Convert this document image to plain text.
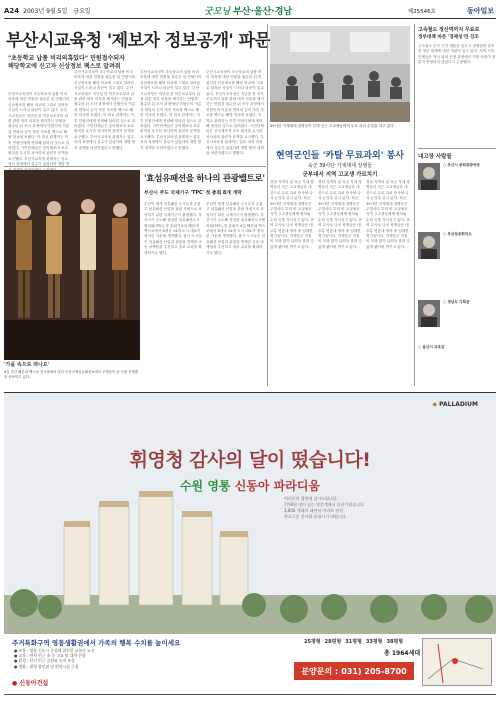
A24 2003년 9월 5일 금요일	굿모닝 부산·울산·경남	제25546호	동아일보
부산시교육청 '제보자 정보공개' 파문
"초등학교 납품 비리의혹있다" 민원접수되자
해당학교에 신고자 신상정보 팩스로 알려줘
부산시교육청이 초등학교의 납품 비리 의혹에 대한 민원을 접수한 뒤 민원인의 신상정보를 해당 학교에 그대로 알려준 사실이 드러나 파문이 일고 있다. 부산시교육청은 지난달 한 학부모로부터 납품 관련 비리 의혹을 제기하는 민원을 접수한 뒤 조사 과정에서 민원인의 이름과 연락처 등이 적힌 자료를 팩스로 해당 학교에 보냈다. 이 학교 관계자는 이후 민원인에게 연락해 항의한 것으로 알려졌다. 시민단체들은 공익제보자 보호 원칙을 무시한 처사라며 관련자 문책을 요구했다. 부산시교육청 관계자는 업무 처리 과정에서 실수가 있었다며 재발 방
부산시교육청이 초등학교의 납품 비리 의혹에 대한 민원을 접수한 뒤 민원인의 신상정보를 해당 학교에 그대로 알려준 사실이 드러나 파문이 일고 있다. 부산시교육청은 지난달 한 학부모로부터 납품 관련 비리 의혹을 제기하는 민원을 접수한 뒤 조사 과정에서 민원인의 이름과 연락처 등이 적힌 자료를 팩스로 해당 학교에 보냈다. 이 학교 관계자는 이후 민원인에게 연락해 항의한 것으로 알려졌다. 시민단체들은 공익제보자 보호 원칙을 무시한 처사라며 관련자 문책을 요구했다. 부산시교육청 관계자는 업무 처리 과정에서 실수가 있었다며 재발 방지 대책을 마련하겠다고 밝혔다.
부산시교육청이 초등학교의 납품 비리 의혹에 대한 민원을 접수한 뒤 민원인의 신상정보를 해당 학교에 그대로 알려준 사실이 드러나 파문이 일고 있다. 부산시교육청은 지난달 한 학부모로부터 납품 관련 비리 의혹을 제기하는 민원을 접수한 뒤 조사 과정에서 민원인의 이름과 연락처 등이 적힌 자료를 팩스로 해당 학교에 보냈다. 이 학교 관계자는 이후 민원인에게 연락해 항의한 것으로 알려졌다. 시민단체들은 공익제보자 보호 원칙을 무시한 처사라며 관련자 문책을 요구했다. 부산시교육청 관계자는 업무 처리 과정에서 실수가 있었다며 재발 방지 대책을 마련하겠다고 밝혔다.
부산시교육청이 초등학교의 납품 비리 의혹에 대한 민원을 접수한 뒤 민원인의 신상정보를 해당 학교에 그대로 알려준 사실이 드러나 파문이 일고 있다. 부산시교육청은 지난달 한 학부모로부터 납품 관련 비리 의혹을 제기하는 민원을 접수한 뒤 조사 과정에서 민원인의 이름과 연락처 등이 적힌 자료를 팩스로 해당 학교에 보냈다. 이 학교 관계자는 이후 민원인에게 연락해 항의한 것으로 알려졌다. 시민단체들은 공익제보자 보호 원칙을 무시한 처사라며 관련자 문책을 요구했다. 부산시교육청 관계자는 업무 처리 과정에서 실수가 있었다며 재발 방지 대책을 마련하겠다고 밝혔다.
39사단 가재대대 장병들이 부대 인근 고교생들에게 무료 과외 수업을 하고 있다.
현역군인들 '카탈 무료과외' 봉사
육군 39사단 가재대대 장병들
군부대서 지역 고교생 가르치기
경남 지역의 한 육군 부대 장병들이 인근 고교생들을 대상으로 무료 과외 봉사에 나서 눈길을 끌고 있다. 육군 39사단 가재대대 장병들은 주말마다 부대 안 교실에서 지역 고교생들에게 영어와 수학 등을 가르치고 있다. 과외 교사로 나선 장병들은 대부분 명문대 재학 중 입대한 병사들이다. 학생들은 학원비 부담 없이 실력을 쌓을 수 있게 됐다며 반기고 있다.
경남 지역의 한 육군 부대 장병들이 인근 고교생들을 대상으로 무료 과외 봉사에 나서 눈길을 끌고 있다. 육군 39사단 가재대대 장병들은 주말마다 부대 안 교실에서 지역 고교생들에게 영어와 수학 등을 가르치고 있다. 과외 교사로 나선 장병들은 대부분 명문대 재학 중 입대한 병사들이다. 학생들은 학원비 부담 없이 실력을 쌓을 수 있게 됐다며 반기고 있다.
경남 지역의 한 육군 부대 장병들이 인근 고교생들을 대상으로 무료 과외 봉사에 나서 눈길을 끌고 있다. 육군 39사단 가재대대 장병들은 주말마다 부대 안 교실에서 지역 고교생들에게 영어와 수학 등을 가르치고 있다. 과외 교사로 나선 장병들은 대부분 명문대 재학 중 입대한 병사들이다. 학생들은 학원비 부담 없이 실력을 쌓을 수 있게 됐다며 반기고 있다.
고속철도 정산역까지 무료로
정부대책 바른 '경제성'만 강조
고속철도 부산 구간 개통을 앞두고 경제성만 강조한 정부 대책에 대한 비판이 일고 있다. 지역 시민단체들은 역사 위치 선정 과정에서 지역 의견이 충분히 반영되지 않았다고 주장했다.
내고장 사람들
○ 부산시 문화관광국장
○ 부산상공회의소
○ 경남도 기획관
○ 울산시 교육감
'가을 속으로 떠나요'
4일 부산 해운대 벡스코 전시장에서 열린 부산국제섬유패션쇼에서 모델들이 올 가을 신제품을 선보이고 있다.
'효섬유패션을 하나의 관광밸트로'
부산시 주도 국제기구 'TPC' 첫 총회 8개 개막
부산이 세계 섬유패션 도시들과 손잡고 섬유패션 산업을 관광 자원으로 육성하기 위한 국제기구가 출범했다. 부산시가 주도해 결성한 섬유패션도시협의회(TPC) 첫 총회가 4일 해운대 벡스코에서 8개국 14개 도시 대표가 참석한 가운데 개막했다. 참가 도시들은 섬유패션 산업과 관광을 연계한 공동 마케팅을 추진하고 정보 교류를 확대하기로 했다.
부산이 세계 섬유패션 도시들과 손잡고 섬유패션 산업을 관광 자원으로 육성하기 위한 국제기구가 출범했다. 부산시가 주도해 결성한 섬유패션도시협의회(TPC) 첫 총회가 4일 해운대 벡스코에서 8개국 14개 도시 대표가 참석한 가운데 개막했다. 참가 도시들은 섬유패션 산업과 관광을 연계한 공동 마케팅을 추진하고 정보 교류를 확대하기로 했다.
◆ PALLADIUM
휘영청 감사의 달이 떴습니다!
수원 영통 신동아 파라디움
여러분의 성원에 감사드립니다.
7만8천 명이 넘는 방문객께서 다녀가셨습니다.
3,856 세대의 대단지 아파트 단지
풍요로운 한가위 보내시기 바랍니다.
주거특화구역 영통생활권에서 가족의 행복 수치를 높이세요
● 교통 : 영통 신도시 중심에 위치한 교통의 요지
● 교육 : 단지 인근 초·중·고교 및 대학 인접
● 환경 : 단지 인근 공원과 녹지 조성
● 생활 : 대형 할인점 및 편의시설 근접
25평형 28평형 31평형 33평형 38평형
총 1964세대
분양문의 : 031) 205-8700
● 신동아건설
